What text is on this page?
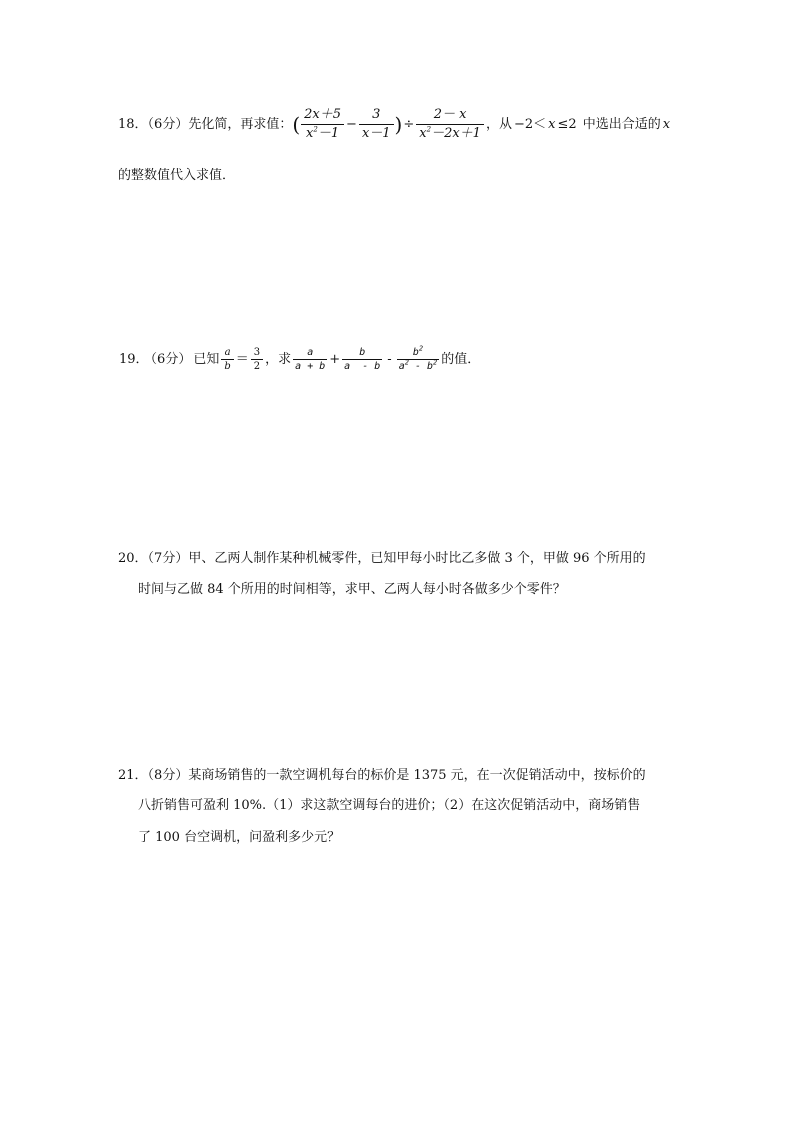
18．（6分）先化简，再求值：( $\frac{2x+5}{x^2-1} - \frac{3}{x-1}$ )÷ $\frac{2- x}{x^2-2x+1}$ ，从 −2＜ x ≤2 中选出合适的 x
的整数值代入求值．
19． （6分） 已知 $\frac{a}{b} = \frac{3}{2}$ ，求 $\frac{a}{a + b} + \frac{b}{a - b} - \frac{b^2}{a^2 - b^2}$ 的值．
20．（7分）甲、乙两人制作某种机械零件，已知甲每小时比乙多做 3 个，甲做 96 个所用的
时间与乙做 84 个所用的时间相等，求甲、乙两人每小时各做多少个零件？
21．（8分）某商场销售的一款空调机每台的标价是 1375 元，在一次促销活动中，按标价的
八折销售可盈利 10%.（1）求这款空调每台的进价；（2）在这次促销活动中，商场销售
了 100 台空调机，问盈利多少元？
